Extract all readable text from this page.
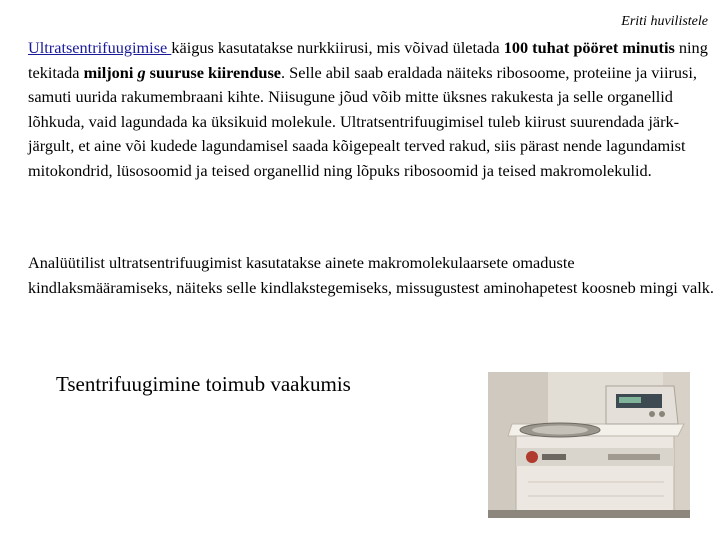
Eriti huvilistele

Ultratsentrifuugimise käigus kasutatakse nurkkiirusi, mis võivad ületada 100 tuhat pööret minutis ning tekitada miljoni g suuruse kiirenduse. Selle abil saab eraldada näiteks ribosoome, proteiine ja viirusi, samuti uurida rakumembraani kihte. Niisugune jõud võib mitte üksnes rakukesta ja selle organellid lõhkuda, vaid lagundada ka üksikuid molekule. Ultratsentrifuugimisel tuleb kiirust suurendada järk-järgult, et aine või kudede lagundamisel saada kõigepealt terved rakud, siis pärast nende lagundamist mitokondrid, lüsosoomid ja teised organellid ning lõpuks ribosoomid ja teised makromolekulid.

Analüütilist ultratsentrifuugimist kasutatakse ainete makromolekulaarsete omaduste kindlaksmääramiseks, näiteks selle kindlakstegemiseks, missugustest aminohapetest koosneb mingi valk.

Tsentrifuugimine toimub vaakumis
